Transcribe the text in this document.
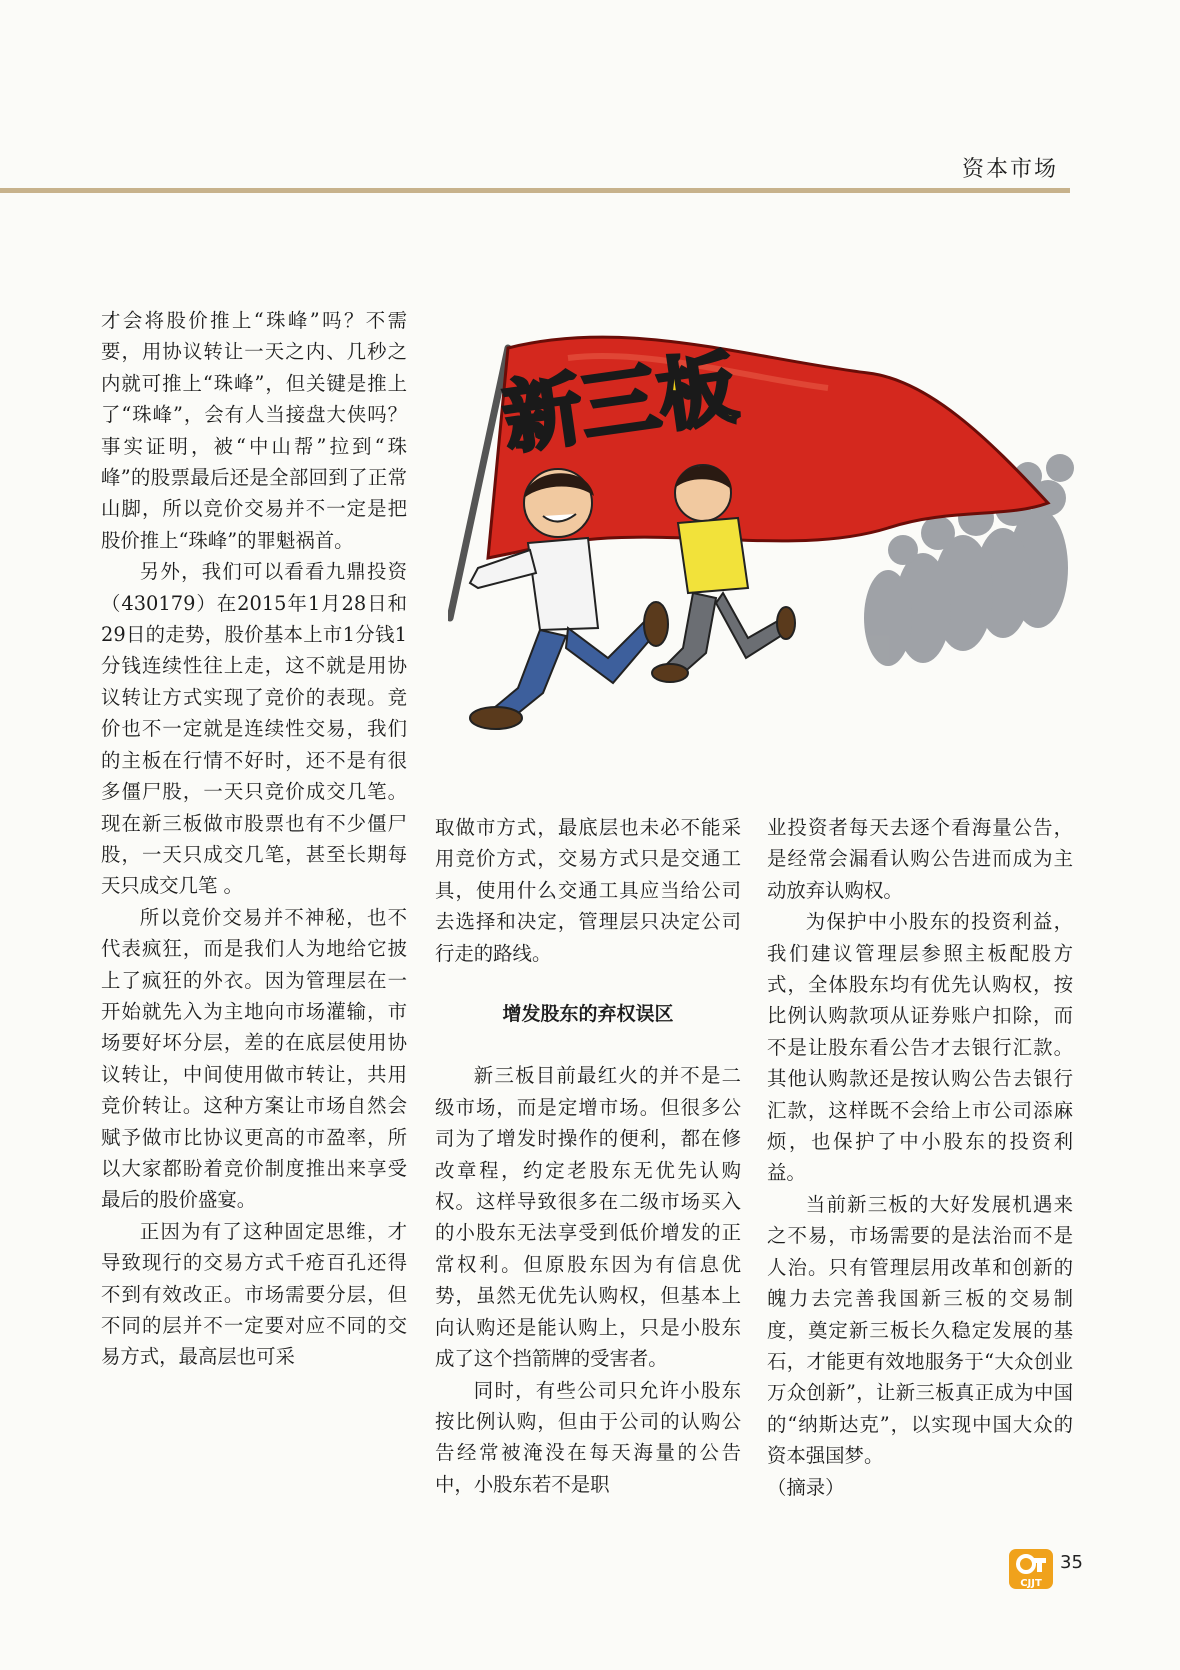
资本市场
新三板

才会将股价推上“珠峰”吗？不需要，用协议转让一天之内、几秒之内就可推上“珠峰”，但关键是推上了“珠峰”，会有人当接盘大侠吗？事实证明，被“中山帮”拉到“珠峰”的股票最后还是全部回到了正常山脚，所以竞价交易并不一定是把股价推上“珠峰”的罪魁祸首。

另外，我们可以看看九鼎投资（430179）在2015年1月28日和29日的走势，股价基本上市1分钱1分钱连续性往上走，这不就是用协议转让方式实现了竞价的表现。竞价也不一定就是连续性交易，我们的主板在行情不好时，还不是有很多僵尸股，一天只竞价成交几笔。现在新三板做市股票也有不少僵尸股，一天只成交几笔，甚至长期每天只成交几笔 。

所以竞价交易并不神秘，也不代表疯狂，而是我们人为地给它披上了疯狂的外衣。因为管理层在一开始就先入为主地向市场灌输，市场要好坏分层，差的在底层使用协议转让，中间使用做市转让，共用竞价转让。这种方案让市场自然会赋予做市比协议更高的市盈率，所以大家都盼着竞价制度推出来享受最后的股价盛宴。

正因为有了这种固定思维，才导致现行的交易方式千疮百孔还得不到有效改正。市场需要分层，但不同的层并不一定要对应不同的交易方式，最高层也可采

取做市方式，最底层也未必不能采用竞价方式，交易方式只是交通工具，使用什么交通工具应当给公司去选择和决定，管理层只决定公司行走的路线。

增发股东的弃权误区

新三板目前最红火的并不是二级市场，而是定增市场。但很多公司为了增发时操作的便利，都在修改章程，约定老股东无优先认购权。这样导致很多在二级市场买入的小股东无法享受到低价增发的正常权利。但原股东因为有信息优势，虽然无优先认购权，但基本上向认购还是能认购上，只是小股东成了这个挡箭牌的受害者。

同时，有些公司只允许小股东按比例认购，但由于公司的认购公告经常被淹没在每天海量的公告中，小股东若不是职

业投资者每天去逐个看海量公告，是经常会漏看认购公告进而成为主动放弃认购权。

为保护中小股东的投资利益，我们建议管理层参照主板配股方式，全体股东均有优先认购权，按比例认购款项从证券账户扣除，而不是让股东看公告才去银行汇款。其他认购款还是按认购公告去银行汇款，这样既不会给上市公司添麻烦，也保护了中小股东的投资利益。

当前新三板的大好发展机遇来之不易，市场需要的是法治而不是人治。只有管理层用改革和创新的魄力去完善我国新三板的交易制度，奠定新三板长久稳定发展的基石，才能更有效地服务于“大众创业万众创新”，让新三板真正成为中国的“纳斯达克”，以实现中国大众的资本强国梦。

（摘录）

CJJT
35
